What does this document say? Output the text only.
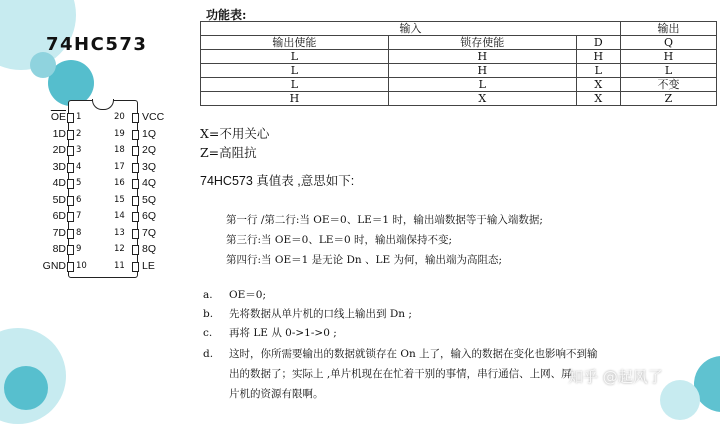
74HC573
$\overline{OE}$ 1	20 VCC
1D 2	19 1Q
2D 3	18 2Q
3D 4	17 3Q
4D 5	16 4Q
5D 6	15 5Q
6D 7	14 6Q
7D 8	13 7Q
8D 9	12 8Q
GND 10	11 LE
功能表:
输入			输出
输出使能	锁存使能	D	Q
L	H	H	H
L	H	L	L
L	L	X	不变
H	X	X	Z
X=不用关心
Z=高阻抗
74HC573 真值表 ,意思如下:
第一行 /第二行:当 OE＝0、LE＝1 时，输出端数据等于输入端数据;
第三行:当 OE＝0、LE＝0 时，输出端保持不变;
第四行:当 OE＝1 是无论 Dn 、LE 为何，输出端为高阻态;
a. OE＝0;
b. 先将数据从单片机的口线上输出到 Dn ;
c. 再将 LE 从 0->1->0 ;
d. 这时，你所需要输出的数据就锁存在 On 上了，输入的数据在变化也影响不到输
出的数据了；实际上 ,单片机现在在忙着干别的事情，串行通信、上网、屏
片机的资源有限啊。
知乎 @起风了
